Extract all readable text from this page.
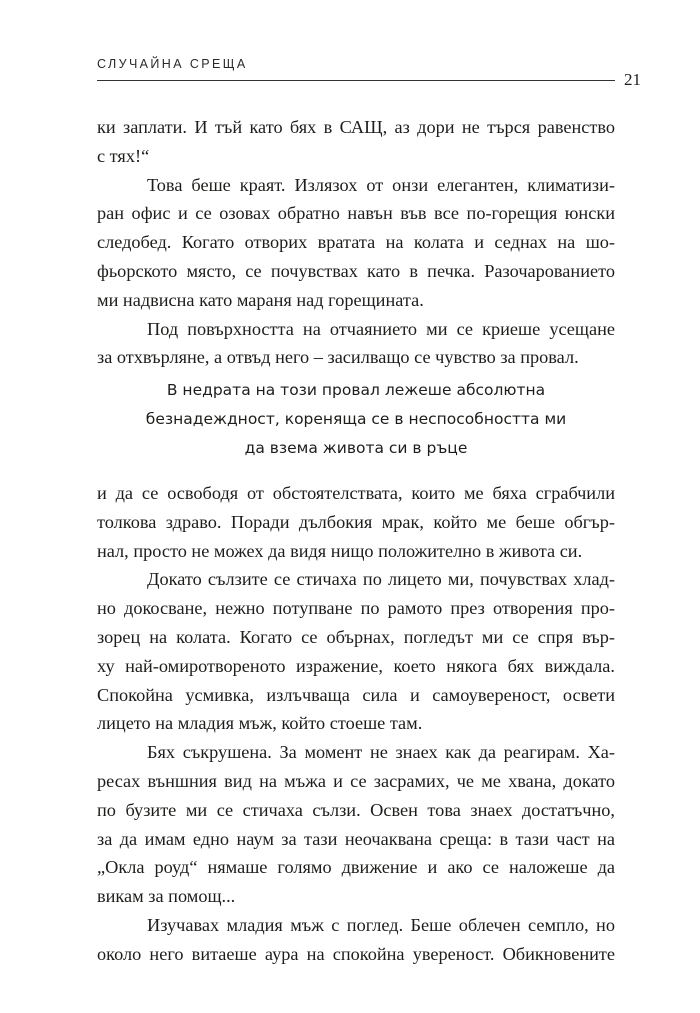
СЛУЧАЙНА СРЕЩА
21
ки заплати. И тъй като бях в САЩ, аз дори не търся равенство
с тях!“
Това беше краят. Излязох от онзи елегантен, климатизи-
ран офис и се озовах обратно навън във все по-горещия юнски
следобед. Когато отворих вратата на колата и седнах на шо-
фьорското място, се почувствах като в печка. Разочарованието
ми надвисна като мараня над горещината.
Под повърхността на отчаянието ми се криеше усещане
за отхвърляне, а отвъд него – засилващо се чувство за провал.
В недрата на този провал лежеше абсолютна
безнадеждност, кореняща се в неспособността ми
да взема живота си в ръце
и да се освободя от обстоятелствата, които ме бяха сграбчили
толкова здраво. Поради дълбокия мрак, който ме беше обгър-
нал, просто не можех да видя нищо положително в живота си.
Докато сълзите се стичаха по лицето ми, почувствах хлад-
но докосване, нежно потупване по рамото през отворения про-
зорец на колата. Когато се обърнах, погледът ми се спря вър-
ху най-омиротвореното изражение, което някога бях виждала.
Спокойна усмивка, излъчваща сила и самоувереност, освети
лицето на младия мъж, който стоеше там.
Бях съкрушена. За момент не знаех как да реагирам. Ха-
ресах външния вид на мъжа и се засрамих, че ме хвана, докато
по бузите ми се стичаха сълзи. Освен това знаех достатъчно,
за да имам едно наум за тази неочаквана среща: в тази част на
„Окла роуд“ нямаше голямо движение и ако се наложеше да
викам за помощ...
Изучавах младия мъж с поглед. Беше облечен семпло, но
около него витаеше аура на спокойна увереност. Обикновените
